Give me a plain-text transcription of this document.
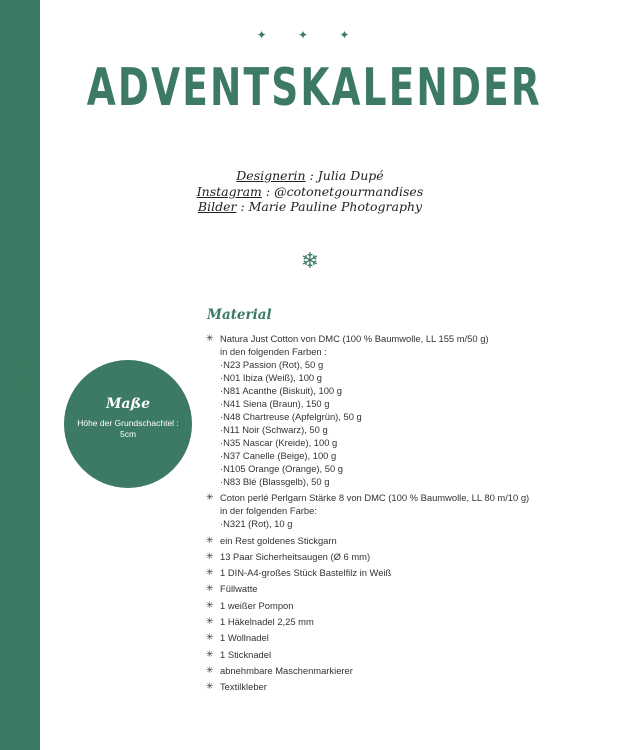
✦
34
✦
✦ ✦ ✦
ADVENTSKALENDER
Designerin : Julia Dupé
Instagram : @cotonetgourmandises
Bilder : Marie Pauline Photography
❄
Maße

Höhe der Grundschachtel : 5cm

Material
✳ Natura Just Cotton von DMC (100 % Baumwolle, LL 155 m/50 g)
in den folgenden Farben :
·N23 Passion (Rot), 50 g
·N01 Ibiza (Weiß), 100 g
·N81 Acanthe (Biskuit), 100 g
·N41 Siena (Braun), 150 g
·N48 Chartreuse (Apfelgrün), 50 g
·N11 Noir (Schwarz), 50 g
·N35 Nascar (Kreide), 100 g
·N37 Canelle (Beige), 100 g
·N105 Orange (Orange), 50 g
·N83 Blé (Blassgelb), 50 g
✳ Coton perlé Perlgarn Stärke 8 von DMC (100 % Baumwolle, LL 80 m/10 g)
in der folgenden Farbe:
·N321 (Rot), 10 g
✳ ein Rest goldenes Stickgarn
✳ 13 Paar Sicherheitsaugen (Ø 6 mm)
✳ 1 DIN-A4-großes Stück Bastelfilz in Weiß
✳ Füllwatte
✳ 1 weißer Pompon
✳ 1 Häkelnadel 2,25 mm
✳ 1 Wollnadel
✳ 1 Sticknadel
✳ abnehmbare Maschenmarkierer
✳ Textilkleber
